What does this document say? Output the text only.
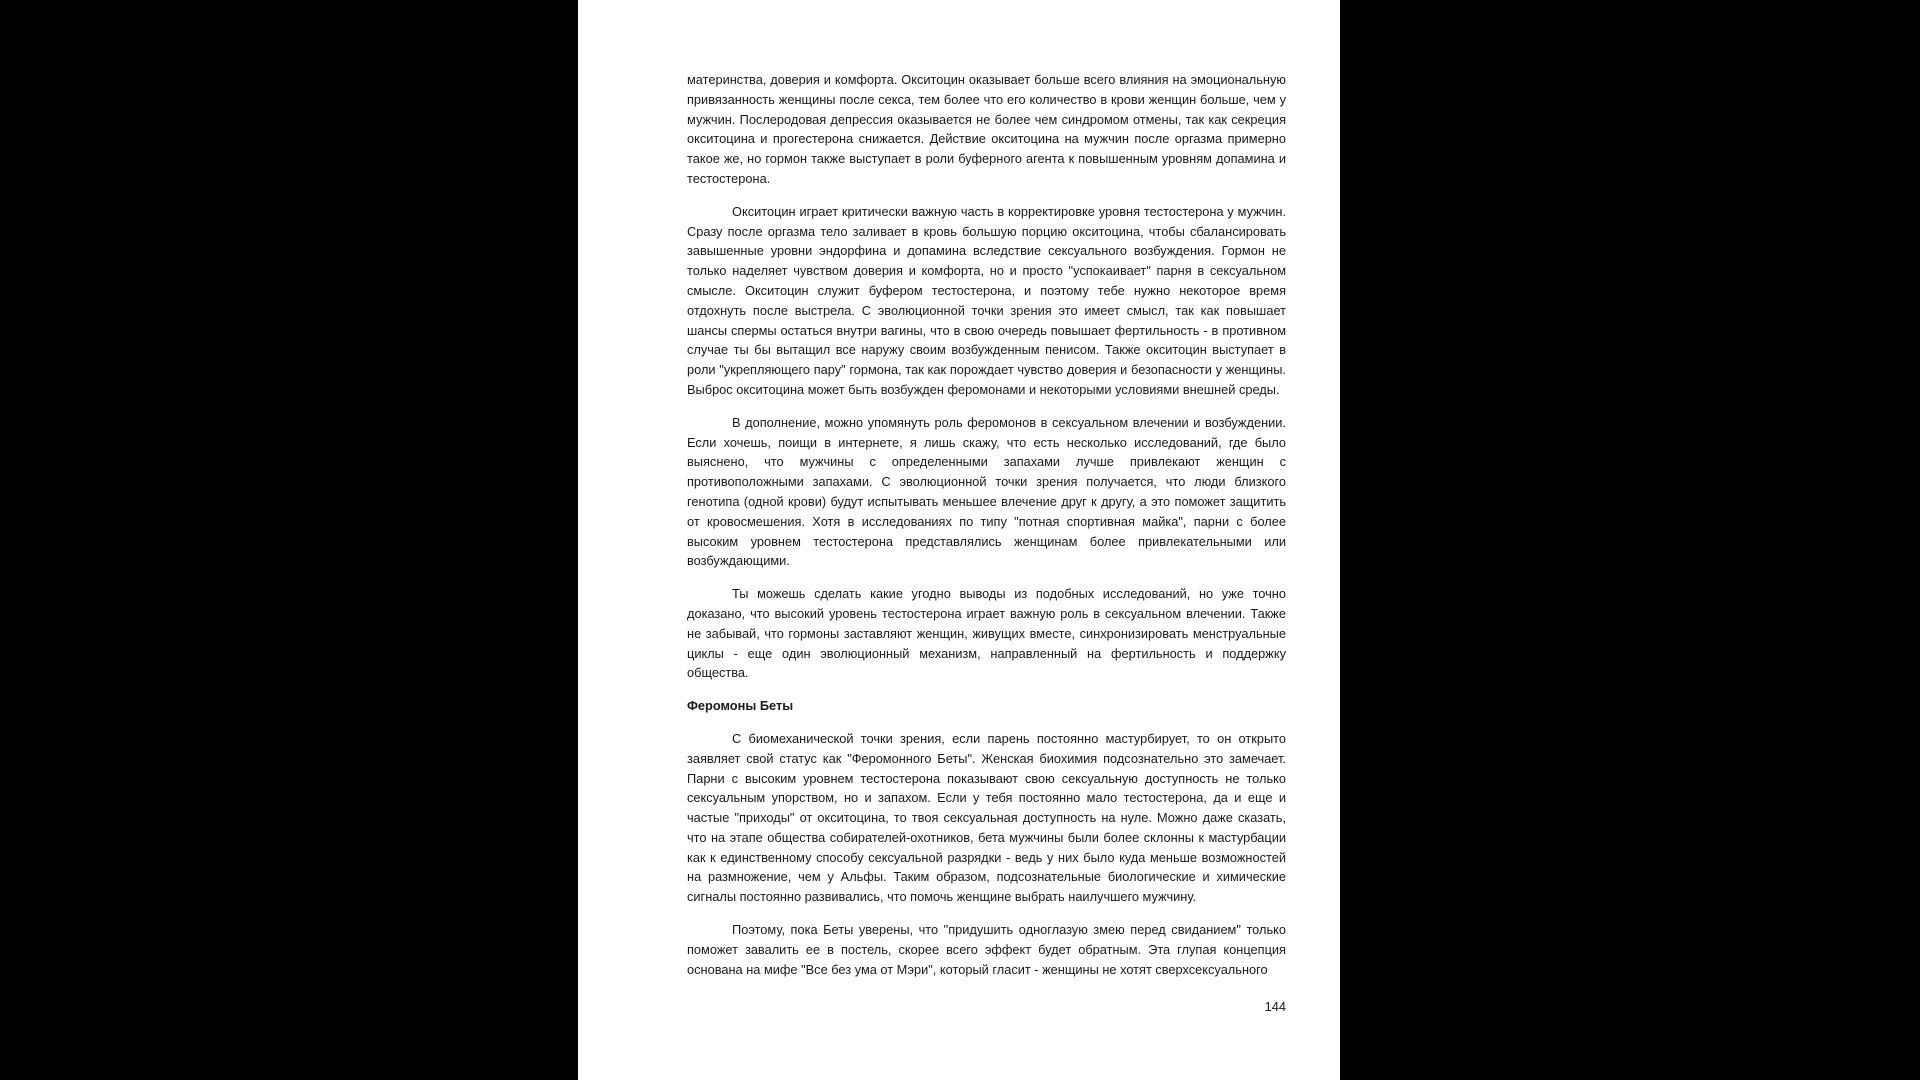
материнства, доверия и комфорта. Окситоцин оказывает больше всего влияния на эмоциональную привязанность женщины после секса, тем более что его количество в крови женщин больше, чем у мужчин. Послеродовая депрессия оказывается не более чем синдромом отмены, так как секреция окситоцина и прогестерона снижается. Действие окситоцина на мужчин после оргазма примерно такое же, но гормон также выступает в роли буферного агента к повышенным уровням допамина и тестостерона.

Окситоцин играет критически важную часть в корректировке уровня тестостерона у мужчин. Сразу после оргазма тело заливает в кровь большую порцию окситоцина, чтобы сбалансировать завышенные уровни эндорфина и допамина вследствие сексуального возбуждения. Гормон не только наделяет чувством доверия и комфорта, но и просто "успокаивает" парня в сексуальном смысле. Окситоцин служит буфером тестостерона, и поэтому тебе нужно некоторое время отдохнуть после выстрела. С эволюционной точки зрения это имеет смысл, так как повышает шансы спермы остаться внутри вагины, что в свою очередь повышает фертильность - в противном случае ты бы вытащил все наружу своим возбужденным пенисом. Также окситоцин выступает в роли "укрепляющего пару" гормона, так как порождает чувство доверия и безопасности у женщины. Выброс окситоцина может быть возбужден феромонами и некоторыми условиями внешней среды.

В дополнение, можно упомянуть роль феромонов в сексуальном влечении и возбуждении. Если хочешь, поищи в интернете, я лишь скажу, что есть несколько исследований, где было выяснено, что мужчины с определенными запахами лучше привлекают женщин с противоположными запахами. С эволюционной точки зрения получается, что люди близкого генотипа (одной крови) будут испытывать меньшее влечение друг к другу, а это поможет защитить от кровосмешения. Хотя в исследованиях по типу "потная спортивная майка", парни с более высоким уровнем тестостерона представлялись женщинам более привлекательными или возбуждающими.

Ты можешь сделать какие угодно выводы из подобных исследований, но уже точно доказано, что высокий уровень тестостерона играет важную роль в сексуальном влечении. Также не забывай, что гормоны заставляют женщин, живущих вместе, синхронизировать менструальные циклы - еще один эволюционный механизм, направленный на фертильность и поддержку общества.

Феромоны Беты

С биомеханической точки зрения, если парень постоянно мастурбирует, то он открыто заявляет свой статус как "Феромонного Беты". Женская биохимия подсознательно это замечает. Парни с высоким уровнем тестостерона показывают свою сексуальную доступность не только сексуальным упорством, но и запахом. Если у тебя постоянно мало тестостерона, да и еще и частые "приходы" от окситоцина, то твоя сексуальная доступность на нуле. Можно даже сказать, что на этапе общества собирателей-охотников, бета мужчины были более склонны к мастурбации как к единственному способу сексуальной разрядки - ведь у них было куда меньше возможностей на размножение, чем у Альфы. Таким образом, подсознательные биологические и химические сигналы постоянно развивались, что помочь женщине выбрать наилучшего мужчину.

Поэтому, пока Беты уверены, что "придушить одноглазую змею перед свиданием" только поможет завалить ее в постель, скорее всего эффект будет обратным. Эта глупая концепция основана на мифе "Все без ума от Мэри", который гласит - женщины не хотят сверхсексуального

144
